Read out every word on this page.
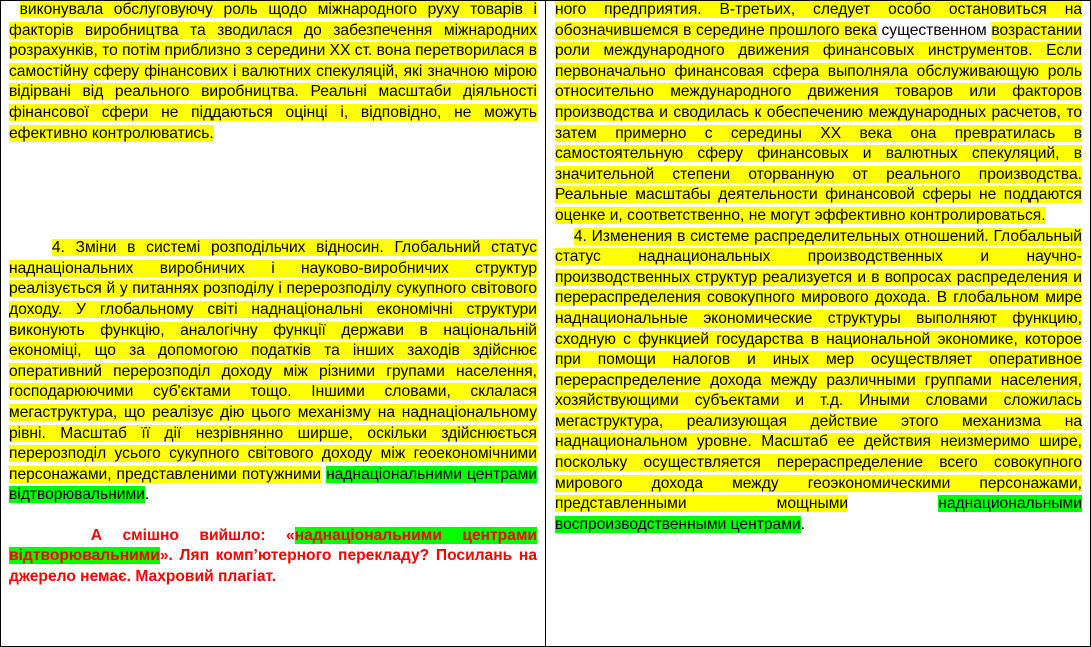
виконувала обслуговуючу роль щодо міжнародного руху товарів і факторів виробництва та зводилася до забезпечення міжнародних розрахунків, то потім приблизно з середини XX ст. вона перетворилася в самостійну сферу фінансових і валютних спекуляцій, які значною мірою відірвані від реального виробництва. Реальні масштаби діяльності фінансової сфери не піддаються оцінці і, відповідно, не можуть ефективно контролюватись.

4. Зміни в системі розподільчих відносин. Глобальний статус наднаціональних виробничих і науково-виробничих структур реалізується й у питаннях розподілу і перерозподілу сукупного світового доходу. У глобальному світі наднаціональні економічні структури виконують функцію, аналогічну функції держави в національній економіці, що за допомогою податків та інших заходів здійснює оперативний перерозподіл доходу між різними групами населення, господарюючими суб'єктами тощо. Іншими словами, склалася мегаструктура, що реалізує дію цього механізму на наднаціональному рівні. Масштаб її дії незрівнянно ширше, оскільки здійснюється перерозподіл усього сукупного світового доходу між геоекономічними персонажами, представленими потужними наднаціональними центрами відтворювальними.

А смішно вийшло: «наднаціональними центрами відтворювальними». Ляп комп’ютерного перекладу? Посилань на джерело немає. Махровий плагіат.

ного предприятия. В-третьих, следует особо остановиться на обозначившемся в середине прошлого века существенном возрастании роли международного движения финансовых инструментов. Если первоначально финансовая сфера выполняла обслуживающую роль относительно международного движения товаров или факторов производства и сводилась к обеспечению международных расчетов, то затем примерно с середины XX века она превратилась в самостоятельную сферу финансовых и валютных спекуляций, в значительной степени оторванную от реального производства. Реальные масштабы деятельности финансовой сферы не поддаются оценке и, соответственно, не могут эффективно контролироваться.

4. Изменения в системе распределительных отношений. Глобальный статус наднациональных производственных и научно-производственных структур реализуется и в вопросах распределения и перераспределения совокупного мирового дохода. В глобальном мире наднациональные экономические структуры выполняют функцию, сходную с функцией государства в национальной экономике, которое при помощи налогов и иных мер осуществляет оперативное перераспределение дохода между различными группами населения, хозяйствующими субъектами и т.д. Иными словами сложилась мегаструктура, реализующая действие этого механизма на наднациональном уровне. Масштаб ее действия неизмеримо шире, поскольку осуществляется перераспределение всего совокупного мирового дохода между геоэкономическими персонажами, представленными мощными	наднациональными воспроизводственными центрами.
